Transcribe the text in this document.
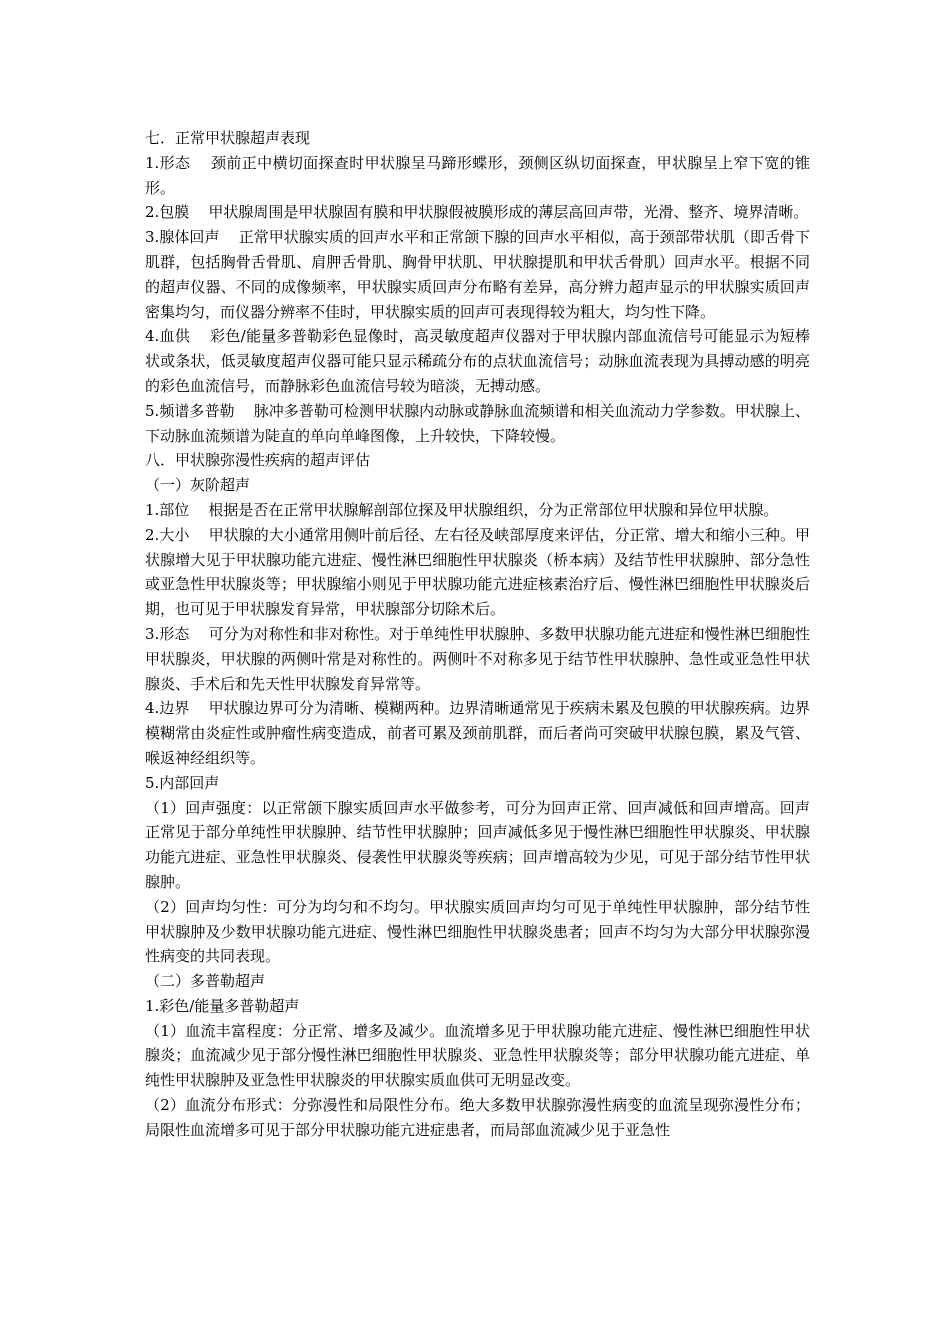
七．正常甲状腺超声表现

1.形态    颈前正中横切面探查时甲状腺呈马蹄形蝶形，颈侧区纵切面探查，甲状腺呈上窄下宽的锥形。

2.包膜    甲状腺周围是甲状腺固有膜和甲状腺假被膜形成的薄层高回声带，光滑、整齐、境界清晰。

3.腺体回声    正常甲状腺实质的回声水平和正常颌下腺的回声水平相似，高于颈部带状肌（即舌骨下肌群，包括胸骨舌骨肌、肩胛舌骨肌、胸骨甲状肌、甲状腺提肌和甲状舌骨肌）回声水平。根据不同的超声仪器、不同的成像频率，甲状腺实质回声分布略有差异，高分辨力超声显示的甲状腺实质回声密集均匀，而仪器分辨率不佳时，甲状腺实质的回声可表现得较为粗大，均匀性下降。

4.血供    彩色/能量多普勒彩色显像时，高灵敏度超声仪器对于甲状腺内部血流信号可能显示为短棒状或条状，低灵敏度超声仪器可能只显示稀疏分布的点状血流信号；动脉血流表现为具搏动感的明亮的彩色血流信号，而静脉彩色血流信号较为暗淡，无搏动感。

5.频谱多普勒    脉冲多普勒可检测甲状腺内动脉或静脉血流频谱和相关血流动力学参数。甲状腺上、下动脉血流频谱为陡直的单向单峰图像，上升较快，下降较慢。

八．甲状腺弥漫性疾病的超声评估

（一）灰阶超声

1.部位    根据是否在正常甲状腺解剖部位探及甲状腺组织，分为正常部位甲状腺和异位甲状腺。

2.大小    甲状腺的大小通常用侧叶前后径、左右径及峡部厚度来评估，分正常、增大和缩小三种。甲状腺增大见于甲状腺功能亢进症、慢性淋巴细胞性甲状腺炎（桥本病）及结节性甲状腺肿、部分急性或亚急性甲状腺炎等；甲状腺缩小则见于甲状腺功能亢进症核素治疗后、慢性淋巴细胞性甲状腺炎后期，也可见于甲状腺发育异常，甲状腺部分切除术后。

3.形态    可分为对称性和非对称性。对于单纯性甲状腺肿、多数甲状腺功能亢进症和慢性淋巴细胞性甲状腺炎，甲状腺的两侧叶常是对称性的。两侧叶不对称多见于结节性甲状腺肿、急性或亚急性甲状腺炎、手术后和先天性甲状腺发育异常等。

4.边界    甲状腺边界可分为清晰、模糊两种。边界清晰通常见于疾病未累及包膜的甲状腺疾病。边界模糊常由炎症性或肿瘤性病变造成，前者可累及颈前肌群，而后者尚可突破甲状腺包膜，累及气管、喉返神经组织等。

5.内部回声

（1）回声强度：以正常颌下腺实质回声水平做参考，可分为回声正常、回声减低和回声增高。回声正常见于部分单纯性甲状腺肿、结节性甲状腺肿；回声减低多见于慢性淋巴细胞性甲状腺炎、甲状腺功能亢进症、亚急性甲状腺炎、侵袭性甲状腺炎等疾病；回声增高较为少见，可见于部分结节性甲状腺肿。

（2）回声均匀性：可分为均匀和不均匀。甲状腺实质回声均匀可见于单纯性甲状腺肿，部分结节性甲状腺肿及少数甲状腺功能亢进症、慢性淋巴细胞性甲状腺炎患者；回声不均匀为大部分甲状腺弥漫性病变的共同表现。

（二）多普勒超声

1.彩色/能量多普勒超声

（1）血流丰富程度：分正常、增多及减少。血流增多见于甲状腺功能亢进症、慢性淋巴细胞性甲状腺炎；血流减少见于部分慢性淋巴细胞性甲状腺炎、亚急性甲状腺炎等；部分甲状腺功能亢进症、单纯性甲状腺肿及亚急性甲状腺炎的甲状腺实质血供可无明显改变。

（2）血流分布形式：分弥漫性和局限性分布。绝大多数甲状腺弥漫性病变的血流呈现弥漫性分布；局限性血流增多可见于部分甲状腺功能亢进症患者，而局部血流减少见于亚急性
